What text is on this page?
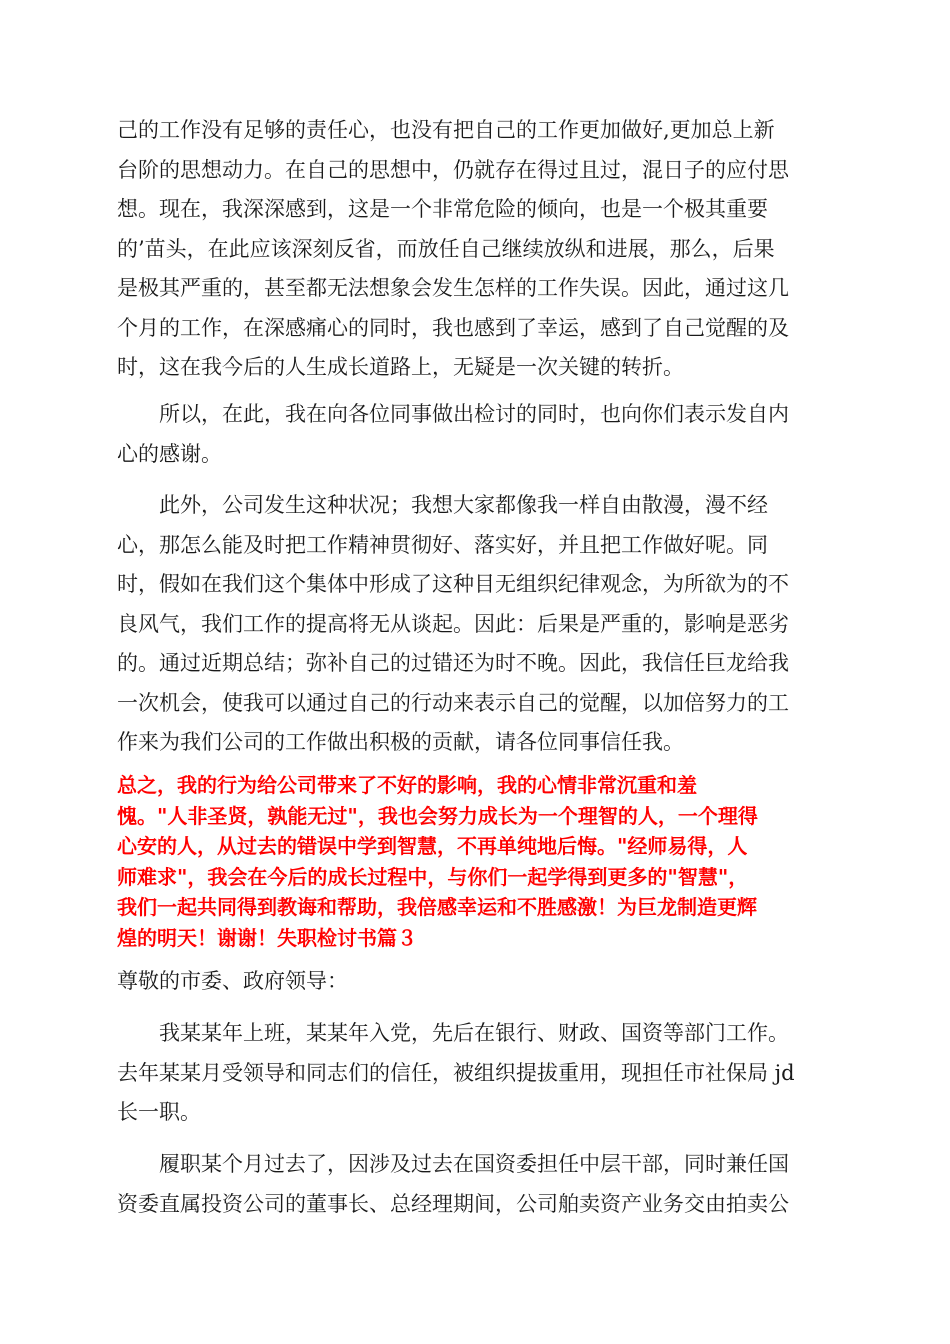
己的工作没有足够的责任心，也没有把自己的工作更加做好,更加总上新
台阶的思想动力。在自己的思想中，仍就存在得过且过，混日子的应付思
想。现在，我深深感到，这是一个非常危险的倾向，也是一个极其重要
的’苗头，在此应该深刻反省，而放任自己继续放纵和进展，那么，后果
是极其严重的，甚至都无法想象会发生怎样的工作失误。因此，通过这几
个月的工作，在深感痛心的同时，我也感到了幸运，感到了自己觉醒的及
时，这在我今后的人生成长道路上，无疑是一次关键的转折。
　　所以，在此，我在向各位同事做出检讨的同时，也向你们表示发自内
心的感谢。
　　此外，公司发生这种状况；我想大家都像我一样自由散漫，漫不经
心，那怎么能及时把工作精神贯彻好、落实好，并且把工作做好呢。同
时，假如在我们这个集体中形成了这种目无组织纪律观念，为所欲为的不
良风气，我们工作的提高将无从谈起。因此：后果是严重的，影响是恶劣
的。通过近期总结；弥补自己的过错还为时不晚。因此，我信任巨龙给我
一次机会，使我可以通过自己的行动来表示自己的觉醒，以加倍努力的工
作来为我们公司的工作做出积极的贡献，请各位同事信任我。
总之，我的行为给公司带来了不好的影响，我的心情非常沉重和羞
愧。"人非圣贤，孰能无过"，我也会努力成长为一个理智的人，一个理得
心安的人，从过去的错误中学到智慧，不再单纯地后悔。"经师易得，人
师难求"，我会在今后的成长过程中，与你们一起学得到更多的"智慧"，
我们一起共同得到教诲和帮助，我倍感幸运和不胜感激！为巨龙制造更辉
煌的明天！谢谢！失职检讨书篇３
尊敬的市委、政府领导：
　　我某某年上班，某某年入党，先后在银行、财政、国资等部门工作。
去年某某月受领导和同志们的信任，被组织提拔重用，现担任市社保局 jd
长一职。
　　履职某个月过去了，因涉及过去在国资委担任中层干部，同时兼任国
资委直属投资公司的董事长、总经理期间，公司舶卖资产业务交由拍卖公
